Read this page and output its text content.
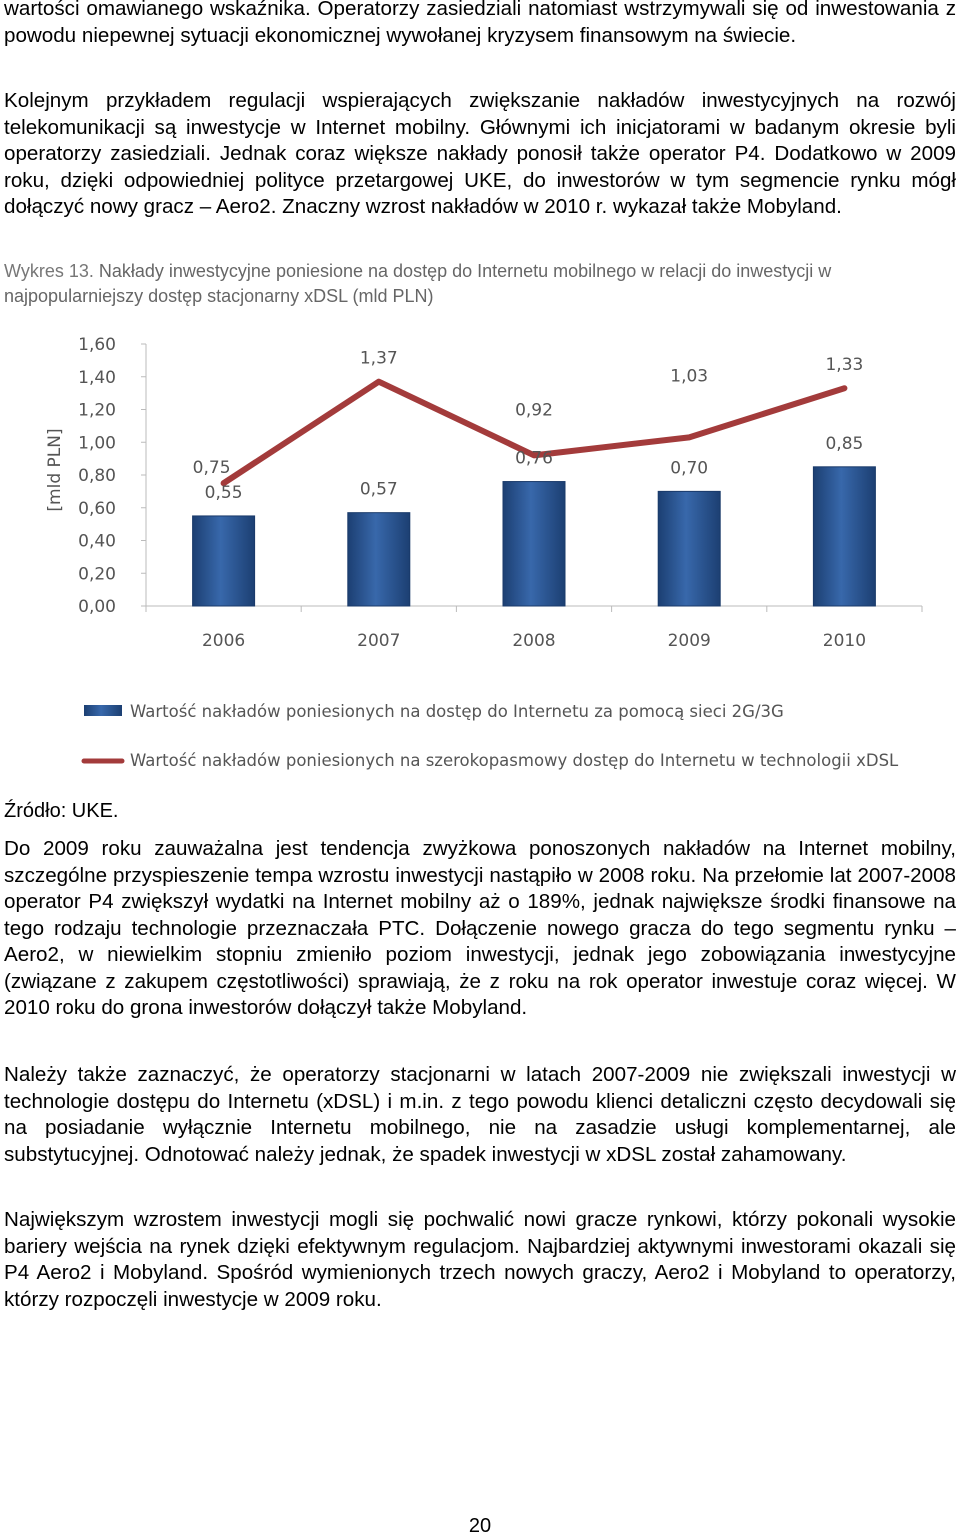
wartości omawianego wskaźnika. Operatorzy zasiedziali natomiast wstrzymywali się od inwestowania z powodu niepewnej sytuacji ekonomicznej wywołanej kryzysem finansowym na świecie.

Kolejnym przykładem regulacji wspierających zwiększanie nakładów inwestycyjnych na rozwój telekomunikacji są inwestycje w Internet mobilny. Głównymi ich inicjatorami w badanym okresie byli operatorzy zasiedziali. Jednak coraz większe nakłady ponosił także operator P4. Dodatkowo w 2009 roku, dzięki odpowiedniej polityce przetargowej UKE, do inwestorów w tym segmencie rynku mógł dołączyć nowy gracz – Aero2. Znaczny wzrost nakładów w 2010 r. wykazał także Mobyland.

Wykres 13. Nakłady inwestycyjne poniesione na dostęp do Internetu mobilnego w relacji do inwestycji w najpopularniejszy dostęp stacjonarny xDSL (mld PLN)

0,00
0,20
0,40
0,60
0,80
1,00
1,20
1,40
1,60
2006	2007	2008	2009	2010
0,55	0,57
0,76	0,70
0,85
0,75
1,37
0,92
1,03
1,33
[mld PLN]
Wartość nakładów poniesionych na dostęp do Internetu za pomocą sieci 2G/3G
Wartość nakładów poniesionych na szerokopasmowy dostęp do Internetu w technologii xDSL
Źródło: UKE.

Do 2009 roku zauważalna jest tendencja zwyżkowa ponoszonych nakładów na Internet mobilny, szczególne przyspieszenie tempa wzrostu inwestycji nastąpiło w 2008 roku. Na przełomie lat 2007-2008 operator P4 zwiększył wydatki na Internet mobilny aż o 189%, jednak największe środki finansowe na tego rodzaju technologie przeznaczała PTC. Dołączenie nowego gracza do tego segmentu rynku – Aero2, w niewielkim stopniu zmieniło poziom inwestycji, jednak jego zobowiązania inwestycyjne (związane z zakupem częstotliwości) sprawiają, że z roku na rok operator inwestuje coraz więcej. W 2010 roku do grona inwestorów dołączył także Mobyland.

Należy także zaznaczyć, że operatorzy stacjonarni w latach 2007-2009 nie zwiększali inwestycji w technologie dostępu do Internetu (xDSL) i m.in. z tego powodu klienci detaliczni często decydowali się na posiadanie wyłącznie Internetu mobilnego, nie na zasadzie usługi komplementarnej, ale substytucyjnej. Odnotować należy jednak, że spadek inwestycji w xDSL został zahamowany.

Największym wzrostem inwestycji mogli się pochwalić nowi gracze rynkowi, którzy pokonali wysokie bariery wejścia na rynek dzięki efektywnym regulacjom. Najbardziej aktywnymi inwestorami okazali się P4 Aero2 i Mobyland. Spośród wymienionych trzech nowych graczy, Aero2 i Mobyland to operatorzy, którzy rozpoczęli inwestycje w 2009 roku.

20
